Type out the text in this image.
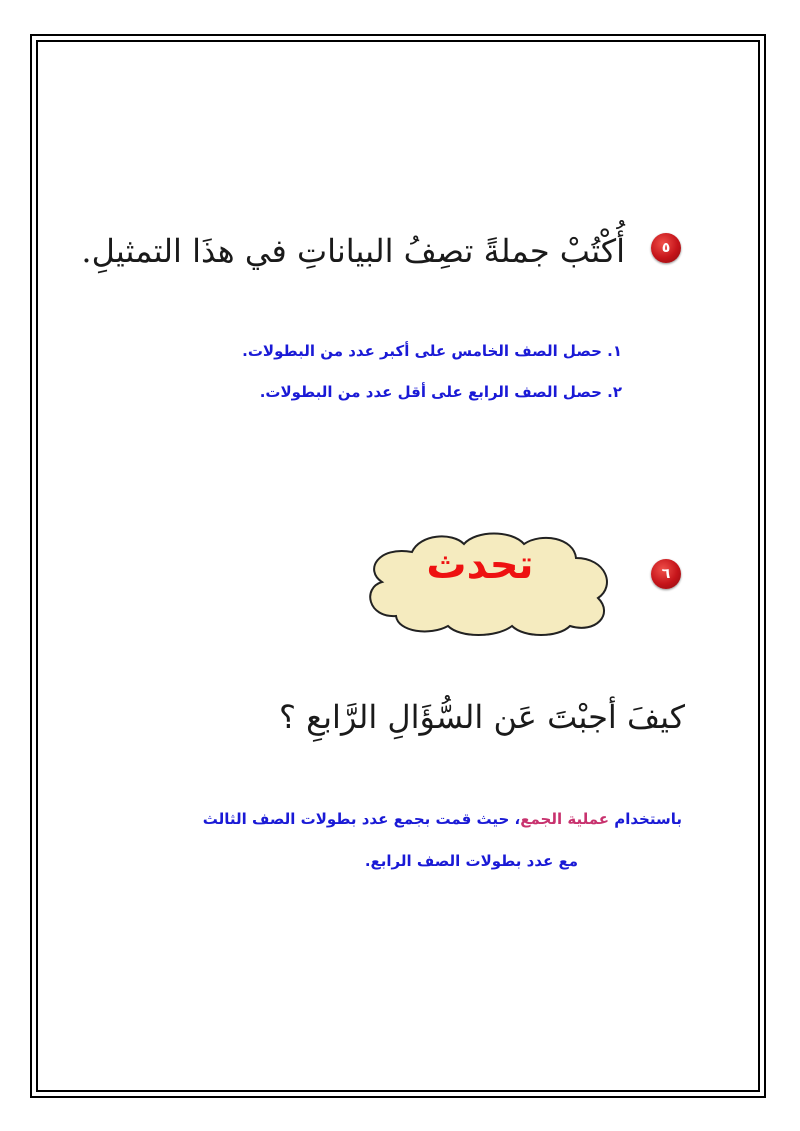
٥
أُكْتُبْ جملةً تصِفُ البياناتِ في هذَا التمثيلِ.
١. حصل الصف الخامس على أكبر عدد من البطولات.
٢. حصل الصف الرابع على أقل عدد من البطولات.
تحدث	٦
كيفَ أجبْتَ عَن السُّؤَالِ الرَّابعِ ؟
باستخدام عملية الجمع، حيث قمت بجمع عدد بطولات الصف الثالث
مع عدد بطولات الصف الرابع.
